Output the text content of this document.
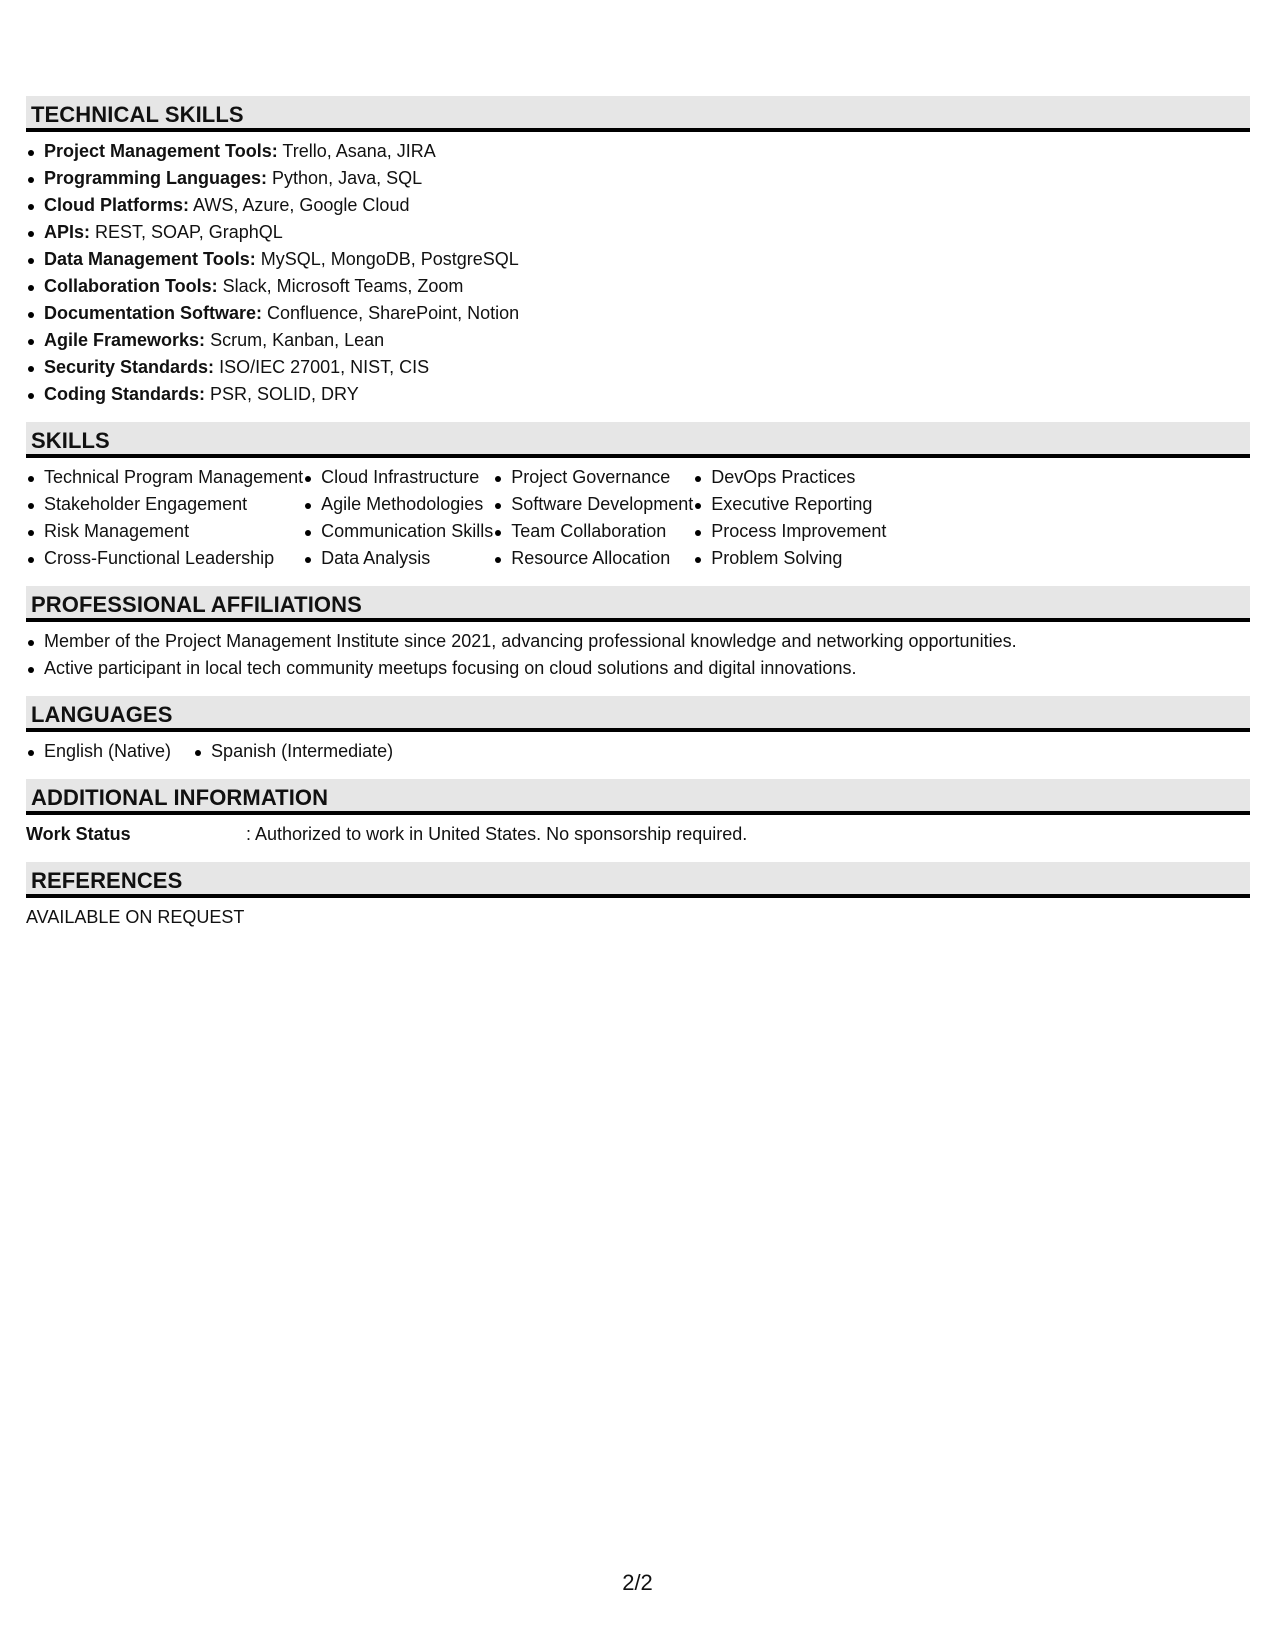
TECHNICAL SKILLS
Project Management Tools: Trello, Asana, JIRA
Programming Languages: Python, Java, SQL
Cloud Platforms: AWS, Azure, Google Cloud
APIs: REST, SOAP, GraphQL
Data Management Tools: MySQL, MongoDB, PostgreSQL
Collaboration Tools: Slack, Microsoft Teams, Zoom
Documentation Software: Confluence, SharePoint, Notion
Agile Frameworks: Scrum, Kanban, Lean
Security Standards: ISO/IEC 27001, NIST, CIS
Coding Standards: PSR, SOLID, DRY
SKILLS
Technical Program Management
Stakeholder Engagement
Risk Management
Cross-Functional Leadership
Cloud Infrastructure
Agile Methodologies
Communication Skills
Data Analysis
Project Governance
Software Development
Team Collaboration
Resource Allocation
DevOps Practices
Executive Reporting
Process Improvement
Problem Solving
PROFESSIONAL AFFILIATIONS
Member of the Project Management Institute since 2021, advancing professional knowledge and networking opportunities.
Active participant in local tech community meetups focusing on cloud solutions and digital innovations.
LANGUAGES
English (Native)	Spanish (Intermediate)
ADDITIONAL INFORMATION
Work Status	: Authorized to work in United States. No sponsorship required.
REFERENCES
AVAILABLE ON REQUEST
2/2
